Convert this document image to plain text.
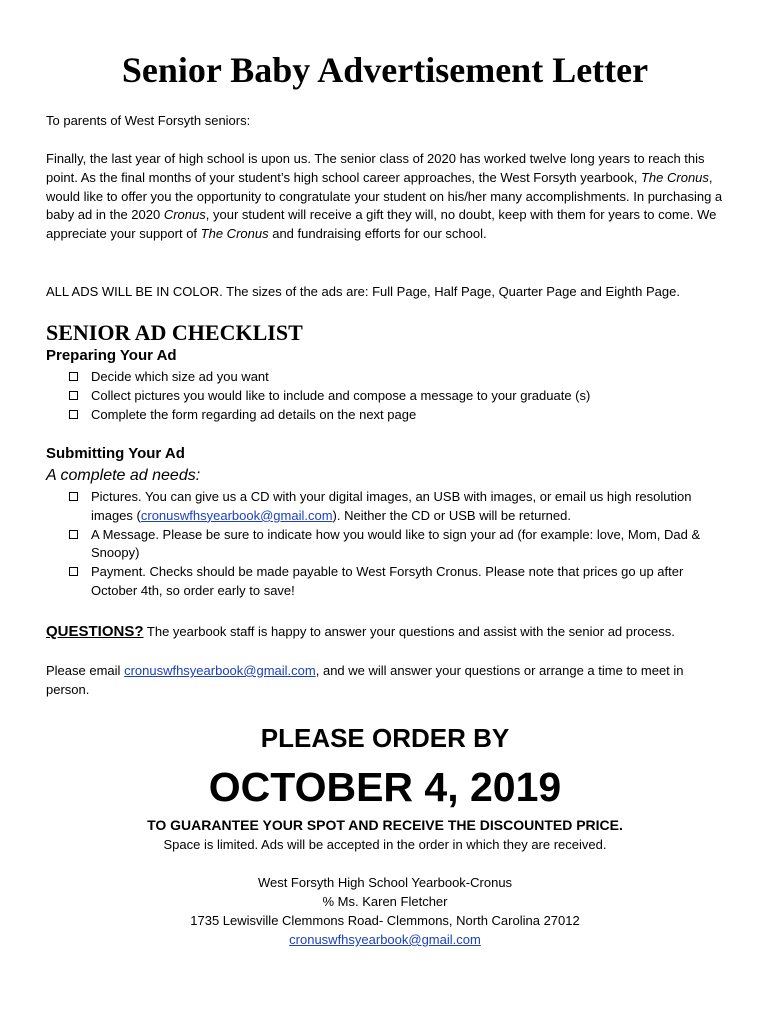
Senior Baby Advertisement Letter
To parents of West Forsyth seniors:
Finally, the last year of high school is upon us. The senior class of 2020 has worked twelve long years to reach this point. As the final months of your student’s high school career approaches, the West Forsyth yearbook, The Cronus, would like to offer you the opportunity to congratulate your student on his/her many accomplishments. In purchasing a baby ad in the 2020 Cronus, your student will receive a gift they will, no doubt, keep with them for years to come. We appreciate your support of The Cronus and fundraising efforts for our school.
ALL ADS WILL BE IN COLOR. The sizes of the ads are: Full Page, Half Page, Quarter Page and Eighth Page.
SENIOR AD CHECKLIST
Preparing Your Ad
Decide which size ad you want
Collect pictures you would like to include and compose a message to your graduate (s)
Complete the form regarding ad details on the next page
Submitting Your Ad
A complete ad needs:
Pictures. You can give us a CD with your digital images, an USB with images, or email us high resolution images (cronuswfhsyearbook@gmail.com). Neither the CD or USB will be returned.
A Message. Please be sure to indicate how you would like to sign your ad (for example: love, Mom, Dad & Snoopy)
Payment. Checks should be made payable to West Forsyth Cronus. Please note that prices go up after October 4th, so order early to save!
QUESTIONS? The yearbook staff is happy to answer your questions and assist with the senior ad process.
Please email cronuswfhsyearbook@gmail.com, and we will answer your questions or arrange a time to meet in person.
PLEASE ORDER BY
OCTOBER 4, 2019
TO GUARANTEE YOUR SPOT AND RECEIVE THE DISCOUNTED PRICE.
Space is limited. Ads will be accepted in the order in which they are received.
West Forsyth High School Yearbook-Cronus
% Ms. Karen Fletcher
1735 Lewisville Clemmons Road- Clemmons, North Carolina 27012
cronuswfhsyearbook@gmail.com
